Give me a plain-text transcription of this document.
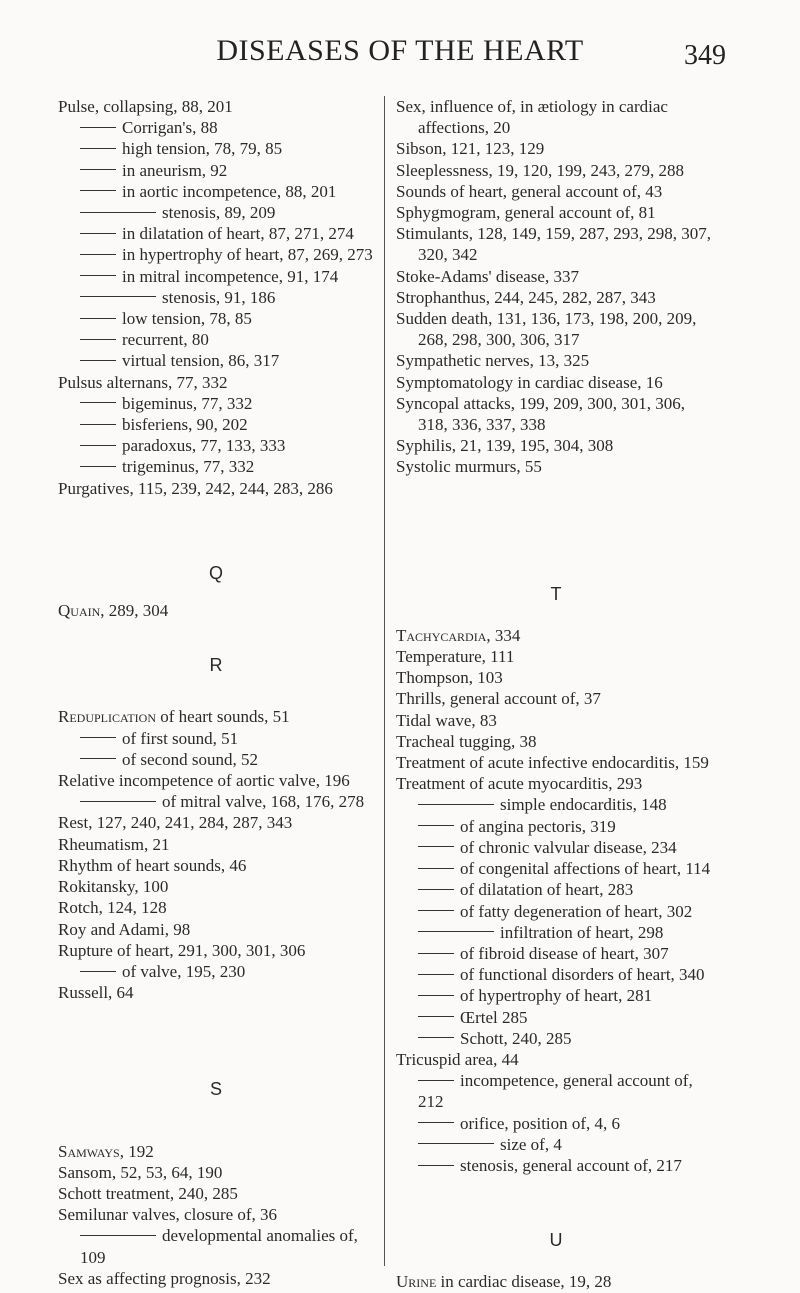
DISEASES OF THE HEART	349
Pulse, collapsing, 88, 201
Corrigan's, 88
high tension, 78, 79, 85
in aneurism, 92
in aortic incompetence, 88, 201
stenosis, 89, 209
in dilatation of heart, 87, 271, 274
in hypertrophy of heart, 87, 269, 273
in mitral incompetence, 91, 174
stenosis, 91, 186
low tension, 78, 85
recurrent, 80
virtual tension, 86, 317
Pulsus alternans, 77, 332
bigeminus, 77, 332
bisferiens, 90, 202
paradoxus, 77, 133, 333
trigeminus, 77, 332
Purgatives, 115, 239, 242, 244, 283, 286
Q
Quain, 289, 304
R
Reduplication of heart sounds, 51
of first sound, 51
of second sound, 52
Relative incompetence of aortic valve, 196
of mitral valve, 168, 176, 278
Rest, 127, 240, 241, 284, 287, 343
Rheumatism, 21
Rhythm of heart sounds, 46
Rokitansky, 100
Rotch, 124, 128
Roy and Adami, 98
Rupture of heart, 291, 300, 301, 306
of valve, 195, 230
Russell, 64
S
Samways, 192
Sansom, 52, 53, 64, 190
Schott treatment, 240, 285
Semilunar valves, closure of, 36
developmental anomalies of, 109
Sex as affecting prognosis, 232
Sex, influence of, in ætiology in cardiac affections, 20
Sibson, 121, 123, 129
Sleeplessness, 19, 120, 199, 243, 279, 288
Sounds of heart, general account of, 43
Sphygmogram, general account of, 81
Stimulants, 128, 149, 159, 287, 293, 298, 307, 320, 342
Stoke-Adams' disease, 337
Strophanthus, 244, 245, 282, 287, 343
Sudden death, 131, 136, 173, 198, 200, 209, 268, 298, 300, 306, 317
Sympathetic nerves, 13, 325
Symptomatology in cardiac disease, 16
Syncopal attacks, 199, 209, 300, 301, 306, 318, 336, 337, 338
Syphilis, 21, 139, 195, 304, 308
Systolic murmurs, 55
T
Tachycardia, 334
Temperature, 111
Thompson, 103
Thrills, general account of, 37
Tidal wave, 83
Tracheal tugging, 38
Treatment of acute infective endocarditis, 159
Treatment of acute myocarditis, 293
simple endocarditis, 148
of angina pectoris, 319
of chronic valvular disease, 234
of congenital affections of heart, 114
of dilatation of heart, 283
of fatty degeneration of heart, 302
infiltration of heart, 298
of fibroid disease of heart, 307
of functional disorders of heart, 340
of hypertrophy of heart, 281
Œrtel 285
Schott, 240, 285
Tricuspid area, 44
incompetence, general account of, 212
orifice, position of, 4, 6
size of, 4
stenosis, general account of, 217
U
Urine in cardiac disease, 19, 28
